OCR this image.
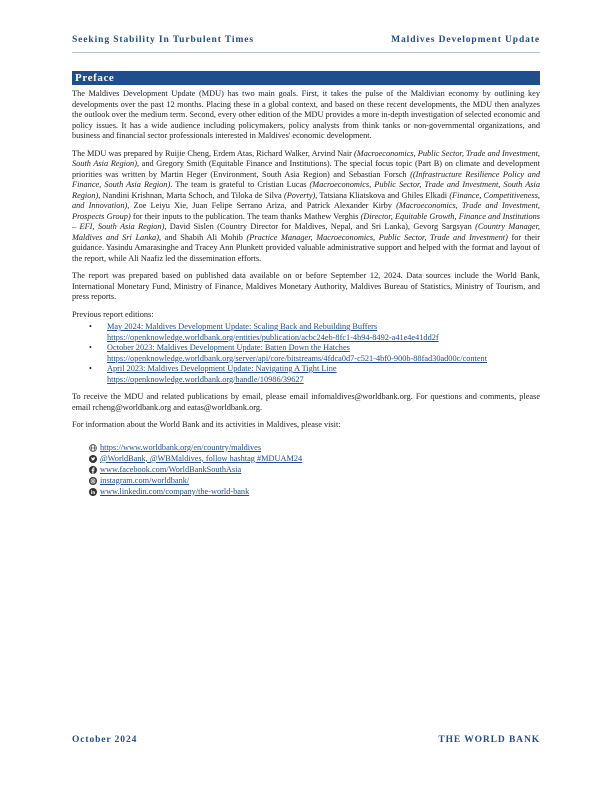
Seeking Stability In Turbulent Times	Maldives Development Update
Preface

The Maldives Development Update (MDU) has two main goals. First, it takes the pulse of the Maldivian economy by outlining key developments over the past 12 months. Placing these in a global context, and based on these recent developments, the MDU then analyzes the outlook over the medium term. Second, every other edition of the MDU provides a more in-depth investigation of selected economic and policy issues. It has a wide audience including policymakers, policy analysts from think tanks or non-governmental organizations, and business and financial sector professionals interested in Maldives' economic development.

The MDU was prepared by Ruijie Cheng, Erdem Atas, Richard Walker, Arvind Nair (Macroeconomics, Public Sector, Trade and Investment, South Asia Region), and Gregory Smith (Equitable Finance and Institutions). The special focus topic (Part B) on climate and development priorities was written by Martin Heger (Environment, South Asia Region) and Sebastian Forsch ((Infrastructure Resilience Policy and Finance, South Asia Region). The team is grateful to Cristian Lucas (Macroeconomics, Public Sector, Trade and Investment, South Asia Region), Nandini Krishnan, Marta Schoch, and Tiloka de Silva (Poverty), Tatsiana Kliatskova and Ghiles Elkadi (Finance, Competitiveness, and Innovation), Zoe Leiyu Xie, Juan Felipe Serrano Ariza, and Patrick Alexander Kirby (Macroeconomics, Trade and Investment, Prospects Group) for their inputs to the publication. The team thanks Mathew Verghis (Director, Equitable Growth, Finance and Institutions – EFI, South Asia Region), David Sislen (Country Director for Maldives, Nepal, and Sri Lanka), Gevorg Sargsyan (Country Manager, Maldives and Sri Lanka), and Shabih Ali Mohib (Practice Manager, Macroeconomics, Public Sector, Trade and Investment) for their guidance. Yasindu Amarasinghe and Tracey Ann Plunkett provided valuable administrative support and helped with the format and layout of the report, while Ali Naafiz led the dissemination efforts.

The report was prepared based on published data available on or before September 12, 2024. Data sources include the World Bank, International Monetary Fund, Ministry of Finance, Maldives Monetary Authority, Maldives Bureau of Statistics, Ministry of Tourism, and press reports.

Previous report editions:

• May 2024: Maldives Development Update: Scaling Back and Rebuilding Buffers
https://openknowledge.worldbank.org/entities/publication/acbc24eb-8fc1-4b94-8492-a41e4e41dd2f
• October 2023: Maldives Development Update: Batten Down the Hatches
https://openknowledge.worldbank.org/server/api/core/bitstreams/4fdca0d7-c521-4bf0-900b-88fad30ad00c/content
• April 2023: Maldives Development Update: Navigating A Tight Line
https://openknowledge.worldbank.org/handle/10986/39627

To receive the MDU and related publications by email, please email infomaldives@worldbank.org. For questions and comments, please email rcheng@worldbank.org and eatas@worldbank.org.

For information about the World Bank and its activities in Maldives, please visit:

https://www.worldbank.org/en/country/maldives
@WorldBank, @WBMaldives, follow hashtag #MDUAM24
www.facebook.com/WorldBankSouthAsia
instagram.com/worldbank/
www.linkedin.com/company/the-world-bank
October 2024	THE WORLD BANK
